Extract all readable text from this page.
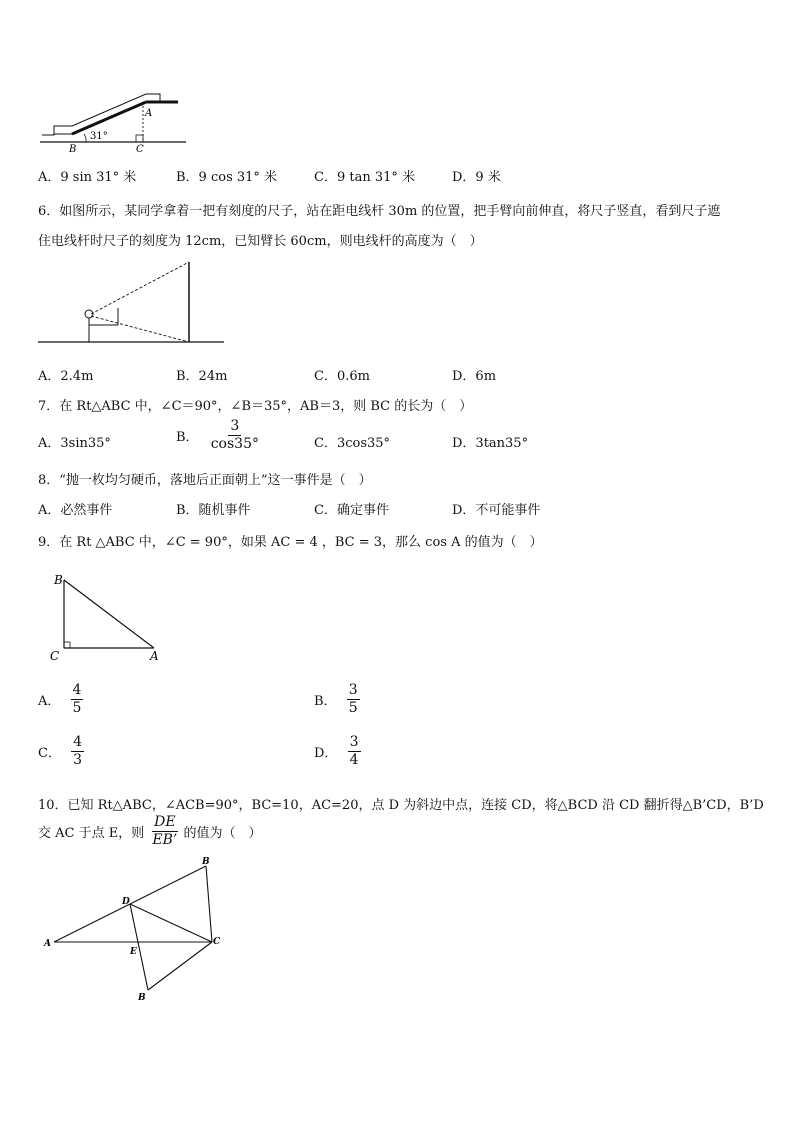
A
B	C
31°
A．9 sin 31° 米	B．9 cos 31° 米	C．9 tan 31° 米	D．9 米
6．如图所示，某同学拿着一把有刻度的尺子，站在距电线杆 30m 的位置，把手臂向前伸直，将尺子竖直，看到尺子遮
住电线杆时尺子的刻度为 12cm，已知臂长 60cm，则电线杆的高度为（　）
A．2.4m	B．24m	C．0.6m	D．6m
7．在 Rt△ABC 中，∠C＝90°，∠B＝35°，AB＝3，则 BC 的长为（　）
A．3sin35°	B． $\frac{3}{\cos 35^\circ}$	C．3cos35°	D．3tan35°
8．“抛一枚均匀硬币，落地后正面朝上”这一事件是（　）
A．必然事件	B．随机事件	C．确定事件	D．不可能事件
9．在 Rt △ABC 中，∠C = 90°，如果 AC = 4 ，BC = 3，那么 cos A 的值为（　）
B
C	A
A． $\frac{4}{5}$	B． $\frac{3}{5}$
C． $\frac{4}{3}$	D． $\frac{3}{4}$
10．已知 Rt△ABC，∠ACB=90°，BC=10，AC=20，点 D 为斜边中点，连接 CD，将△BCD 沿 CD 翻折得△B’CD，B’D
交 AC 于点 E，则 $\frac{DE}{EB’}$ 的值为（　）
A
B
C
D
E
B
